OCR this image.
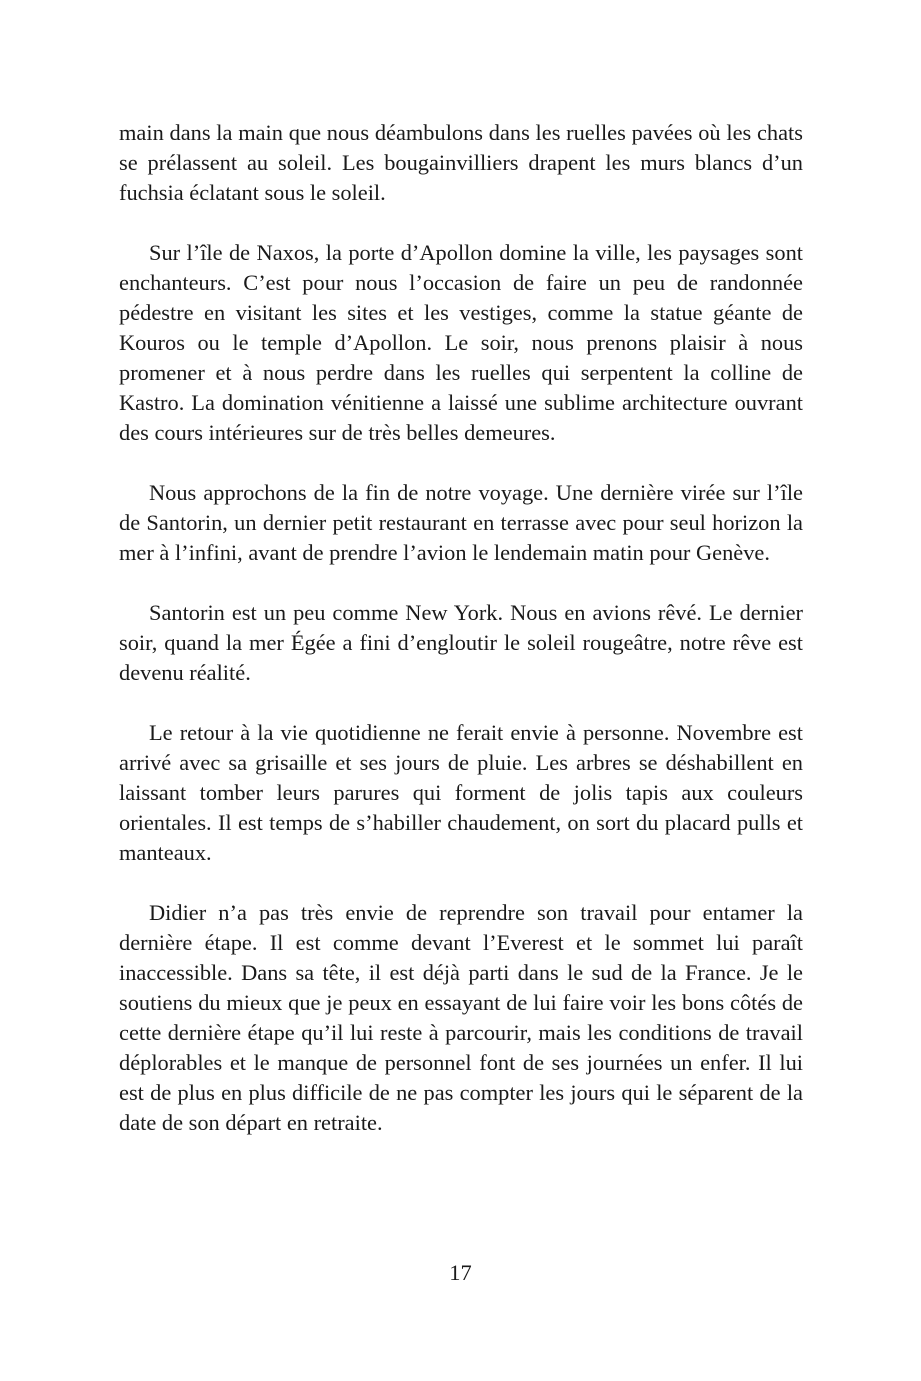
main dans la main que nous déambulons dans les ruelles pavées où les chats se prélassent au soleil. Les bougainvilliers drapent les murs blancs d’un fuchsia éclatant sous le soleil.

Sur l’île de Naxos, la porte d’Apollon domine la ville, les paysages sont enchanteurs. C’est pour nous l’occasion de faire un peu de randonnée pédestre en visitant les sites et les vestiges, comme la statue géante de Kouros ou le temple d’Apollon. Le soir, nous prenons plaisir à nous promener et à nous perdre dans les ruelles qui serpentent la colline de Kastro. La domination vénitienne a laissé une sublime architecture ouvrant des cours intérieures sur de très belles demeures.

Nous approchons de la fin de notre voyage. Une dernière virée sur l’île de Santorin, un dernier petit restaurant en terrasse avec pour seul horizon la mer à l’infini, avant de prendre l’avion le lendemain matin pour Genève.

Santorin est un peu comme New York. Nous en avions rêvé. Le dernier soir, quand la mer Égée a fini d’engloutir le soleil rougeâtre, notre rêve est devenu réalité.

Le retour à la vie quotidienne ne ferait envie à personne. Novembre est arrivé avec sa grisaille et ses jours de pluie. Les arbres se déshabillent en laissant tomber leurs parures qui forment de jolis tapis aux couleurs orientales. Il est temps de s’habiller chaudement, on sort du placard pulls et manteaux.

Didier n’a pas très envie de reprendre son travail pour entamer la dernière étape. Il est comme devant l’Everest et le sommet lui paraît inaccessible. Dans sa tête, il est déjà parti dans le sud de la France. Je le soutiens du mieux que je peux en essayant de lui faire voir les bons côtés de cette dernière étape qu’il lui reste à parcourir, mais les conditions de travail déplorables et le manque de personnel font de ses journées un enfer. Il lui est de plus en plus difficile de ne pas compter les jours qui le séparent de la date de son départ en retraite.

17
